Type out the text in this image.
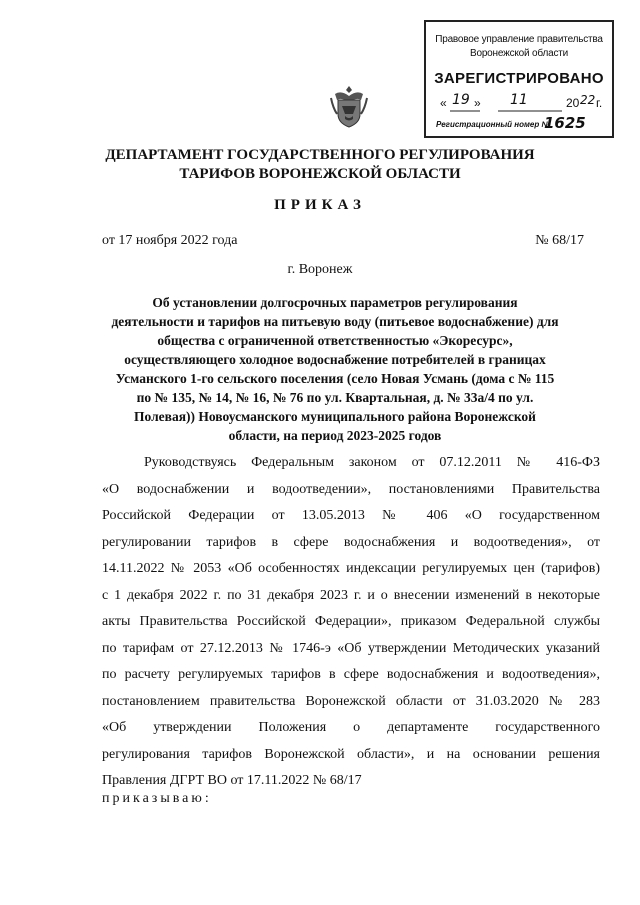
Правовое управление правительства
Воронежской области
ЗАРЕГИСТРИРОВАНО
« 19 » 11	20 22 г.
Регистрационный номер №
1625
ДЕПАРТАМЕНТ ГОСУДАРСТВЕННОГО РЕГУЛИРОВАНИЯ
ТАРИФОВ ВОРОНЕЖСКОЙ ОБЛАСТИ
ПРИКАЗ
от 17 ноября 2022 года	№ 68/17
г. Воронеж
Об установлении долгосрочных параметров регулирования
деятельности и тарифов на питьевую воду (питьевое водоснабжение) для
общества с ограниченной ответственностью «Экоресурс»,
осуществляющего холодное водоснабжение потребителей в границах
Усманского 1-го сельского поселения (село Новая Усмань (дома с № 115
по № 135, № 14, № 16, № 76 по ул. Квартальная, д. № 33а/4 по ул.
Полевая)) Новоусманского муниципального района Воронежской
области, на период 2023-2025 годов
Руководствуясь Федеральным законом от 07.12.2011 № 416-ФЗ
«О водоснабжении и водоотведении», постановлениями Правительства
Российской Федерации от 13.05.2013 № 406 «О государственном
регулировании тарифов в сфере водоснабжения и водоотведения», от
14.11.2022 № 2053 «Об особенностях индексации регулируемых цен (тарифов)
с 1 декабря 2022 г. по 31 декабря 2023 г. и о внесении изменений в некоторые
акты Правительства Российской Федерации», приказом Федеральной службы
по тарифам от 27.12.2013 № 1746-э «Об утверждении Методических указаний
по расчету регулируемых тарифов в сфере водоснабжения и водоотведения»,
постановлением правительства Воронежской области от 31.03.2020 № 283
«Об утверждении Положения о департаменте государственного
регулирования тарифов Воронежской области», и на основании решения
Правления ДГРТ ВО от 17.11.2022 № 68/17
приказываю:
